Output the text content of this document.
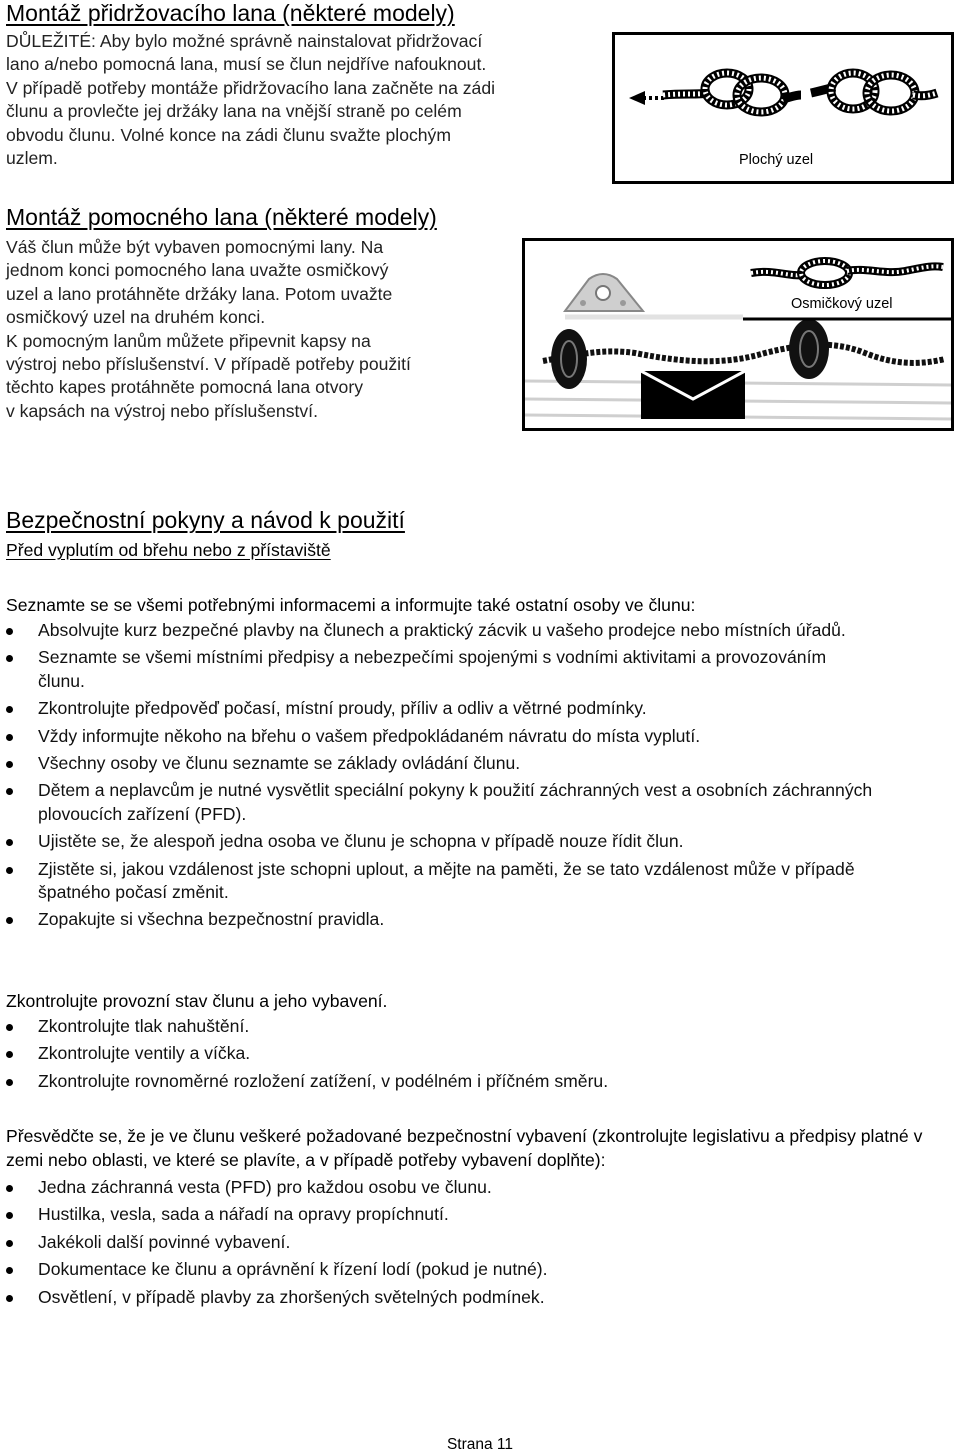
Montáž přidržovacího lana (některé modely)
DŮLEŽITÉ: Aby bylo možné správně nainstalovat přidržovací
lano a/nebo pomocná lana, musí se člun nejdříve nafouknout.
V případě potřeby montáže přidržovacího lana začněte na zádi
člunu a provlečte jej držáky lana na vnější straně po celém
obvodu člunu. Volné konce na zádi člunu svažte plochým
uzlem.	Plochý uzel
Montáž pomocného lana (některé modely)
Váš člun může být vybaven pomocnými lany. Na
jednom konci pomocného lana uvažte osmičkový
uzel a lano protáhněte držáky lana. Potom uvažte
osmičkový uzel na druhém konci.
K pomocným lanům můžete připevnit kapsy na
výstroj nebo příslušenství. V případě potřeby použití
těchto kapes protáhněte pomocná lana otvory
v kapsách na výstroj nebo příslušenství.
Osmičkový uzel
Bezpečnostní pokyny a návod k použití
Před vyplutím od břehu nebo z přístaviště
Seznamte se se všemi potřebnými informacemi a informujte také ostatní osoby ve člunu:
Absolvujte kurz bezpečné plavby na člunech a praktický zácvik u vašeho prodejce nebo místních úřadů.
Seznamte se všemi místními předpisy a nebezpečími spojenými s vodními aktivitami a provozováním člunu.
Zkontrolujte předpověď počasí, místní proudy, příliv a odliv a větrné podmínky.
Vždy informujte někoho na břehu o vašem předpokládaném návratu do místa vyplutí.
Všechny osoby ve člunu seznamte se základy ovládání člunu.
Dětem a neplavcům je nutné vysvětlit speciální pokyny k použití záchranných vest a osobních záchranných plovoucích zařízení (PFD).
Ujistěte se, že alespoň jedna osoba ve člunu je schopna v případě nouze řídit člun.
Zjistěte si, jakou vzdálenost jste schopni uplout, a mějte na paměti, že se tato vzdálenost může v případě špatného počasí změnit.
Zopakujte si všechna bezpečnostní pravidla.
Zkontrolujte provozní stav člunu a jeho vybavení.
Zkontrolujte tlak nahuštění.
Zkontrolujte ventily a víčka.
Zkontrolujte rovnoměrné rozložení zatížení, v podélném i příčném směru.
Přesvědčte se, že je ve člunu veškeré požadované bezpečnostní vybavení (zkontrolujte legislativu a předpisy platné v zemi nebo oblasti, ve které se plavíte, a v případě potřeby vybavení doplňte):
Jedna záchranná vesta (PFD) pro každou osobu ve člunu.
Hustilka, vesla, sada a nářadí na opravy propíchnutí.
Jakékoli další povinné vybavení.
Dokumentace ke člunu a oprávnění k řízení lodí (pokud je nutné).
Osvětlení, v případě plavby za zhoršených světelných podmínek.
Strana 11
